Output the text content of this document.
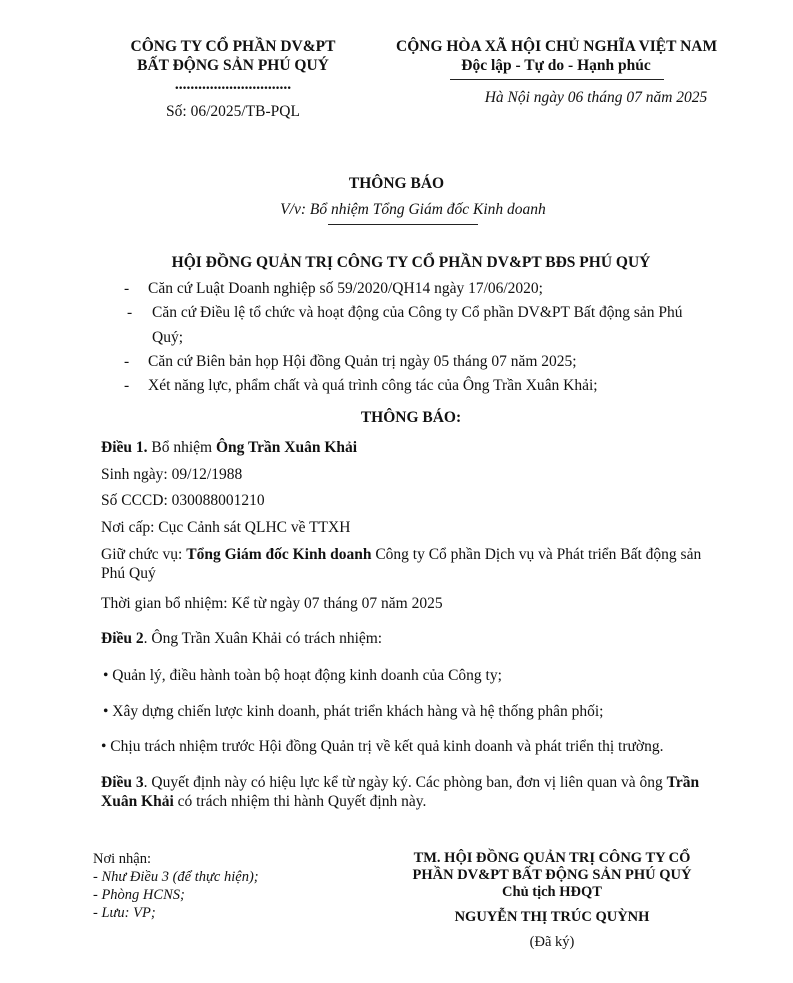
CÔNG TY CỔ PHẦN DV&PT
BẤT ĐỘNG SẢN PHÚ QUÝ
..............................
Số: 06/2025/TB-PQL
CỘNG HÒA XÃ HỘI CHỦ NGHĨA VIỆT NAM
Độc lập - Tự do - Hạnh phúc
Hà Nội ngày 06 tháng 07 năm 2025
THÔNG BÁO
V/v: Bổ nhiệm Tổng Giám đốc Kinh doanh
HỘI ĐỒNG QUẢN TRỊ CÔNG TY CỔ PHẦN DV&PT BĐS PHÚ QUÝ
- Căn cứ Luật Doanh nghiệp số 59/2020/QH14 ngày 17/06/2020;
- Căn cứ Điều lệ tổ chức và hoạt động của Công ty Cổ phần DV&PT Bất động sản Phú
Quý;
- Căn cứ Biên bản họp Hội đồng Quản trị ngày 05 tháng 07 năm 2025;
- Xét năng lực, phẩm chất và quá trình công tác của Ông Trần Xuân Khải;
THÔNG BÁO:
Điều 1. Bổ nhiệm Ông Trần Xuân Khải
Sinh ngày: 09/12/1988
Số CCCD: 030088001210
Nơi cấp: Cục Cảnh sát QLHC về TTXH
Giữ chức vụ: Tổng Giám đốc Kinh doanh Công ty Cổ phần Dịch vụ và Phát triển Bất động sản
Phú Quý
Thời gian bổ nhiệm: Kể từ ngày 07 tháng 07 năm 2025
Điều 2. Ông Trần Xuân Khải có trách nhiệm:
• Quản lý, điều hành toàn bộ hoạt động kinh doanh của Công ty;
• Xây dựng chiến lược kinh doanh, phát triển khách hàng và hệ thống phân phối;
• Chịu trách nhiệm trước Hội đồng Quản trị về kết quả kinh doanh và phát triển thị trường.
Điều 3. Quyết định này có hiệu lực kể từ ngày ký. Các phòng ban, đơn vị liên quan và ông Trần
Xuân Khải có trách nhiệm thi hành Quyết định này.
Nơi nhận:
- Như Điều 3 (để thực hiện);
- Phòng HCNS;
- Lưu: VP;
TM. HỘI ĐỒNG QUẢN TRỊ CÔNG TY CỔ
PHẦN DV&PT BẤT ĐỘNG SẢN PHÚ QUÝ
Chủ tịch HĐQT
NGUYỄN THỊ TRÚC QUỲNH
(Đã ký)
